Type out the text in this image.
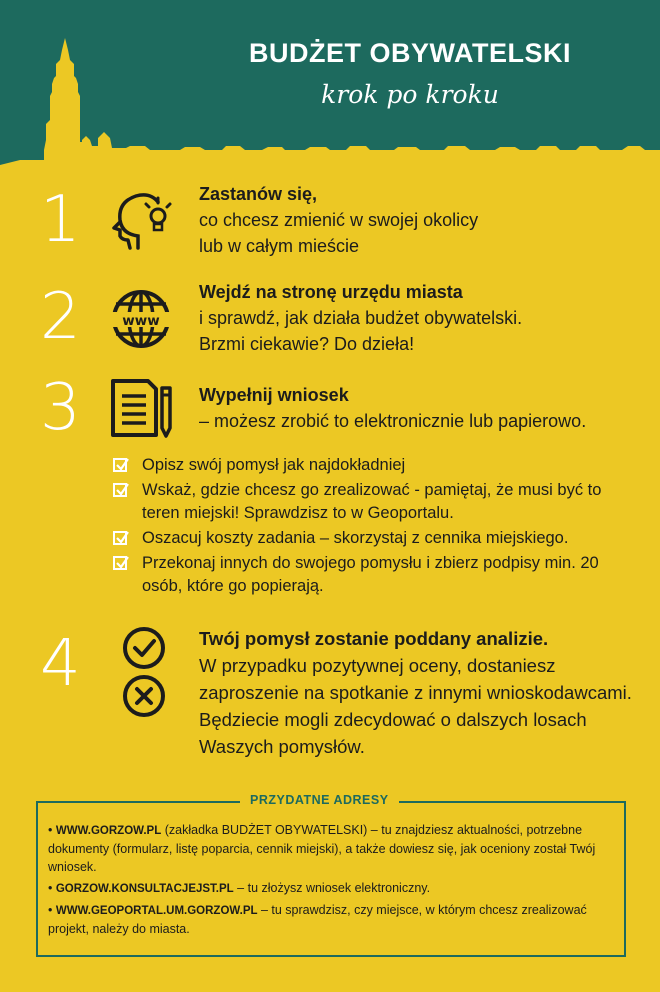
BUDŻET OBYWATELSKI
krok po kroku
1	Zastanów się,
co chcesz zmienić w swojej okolicy
lub w całym mieście
2	www
Wejdź na stronę urzędu miasta
i sprawdź, jak działa budżet obywatelski.
Brzmi ciekawie? Do dzieła!
3	Wypełnij wniosek
– możesz zrobić to elektronicznie lub papierowo.
Opisz swój pomysł jak najdokładniej
Wskaż, gdzie chcesz go zrealizować - pamiętaj, że musi być to teren miejski! Sprawdzisz to w Geoportalu.
Oszacuj koszty zadania – skorzystaj z cennika miejskiego.
Przekonaj innych do swojego pomysłu i zbierz podpisy min. 20 osób, które go popierają.
4	Twój pomysł zostanie poddany analizie.
W przypadku pozytywnej oceny, dostaniesz
zaproszenie na spotkanie z innymi wnioskodawcami.
Będziecie mogli zdecydować o dalszych losach
Waszych pomysłów.
PRZYDATNE ADRESY

• WWW.GORZOW.PL (zakładka BUDŻET OBYWATELSKI) – tu znajdziesz aktualności, potrzebne dokumenty (formularz, listę poparcia, cennik miejski), a także dowiesz się, jak oceniony został Twój wniosek.

• GORZOW.KONSULTACJEJST.PL – tu złożysz wniosek elektroniczny.

• WWW.GEOPORTAL.UM.GORZOW.PL – tu sprawdzisz, czy miejsce, w którym chcesz zrealizować projekt, należy do miasta.
